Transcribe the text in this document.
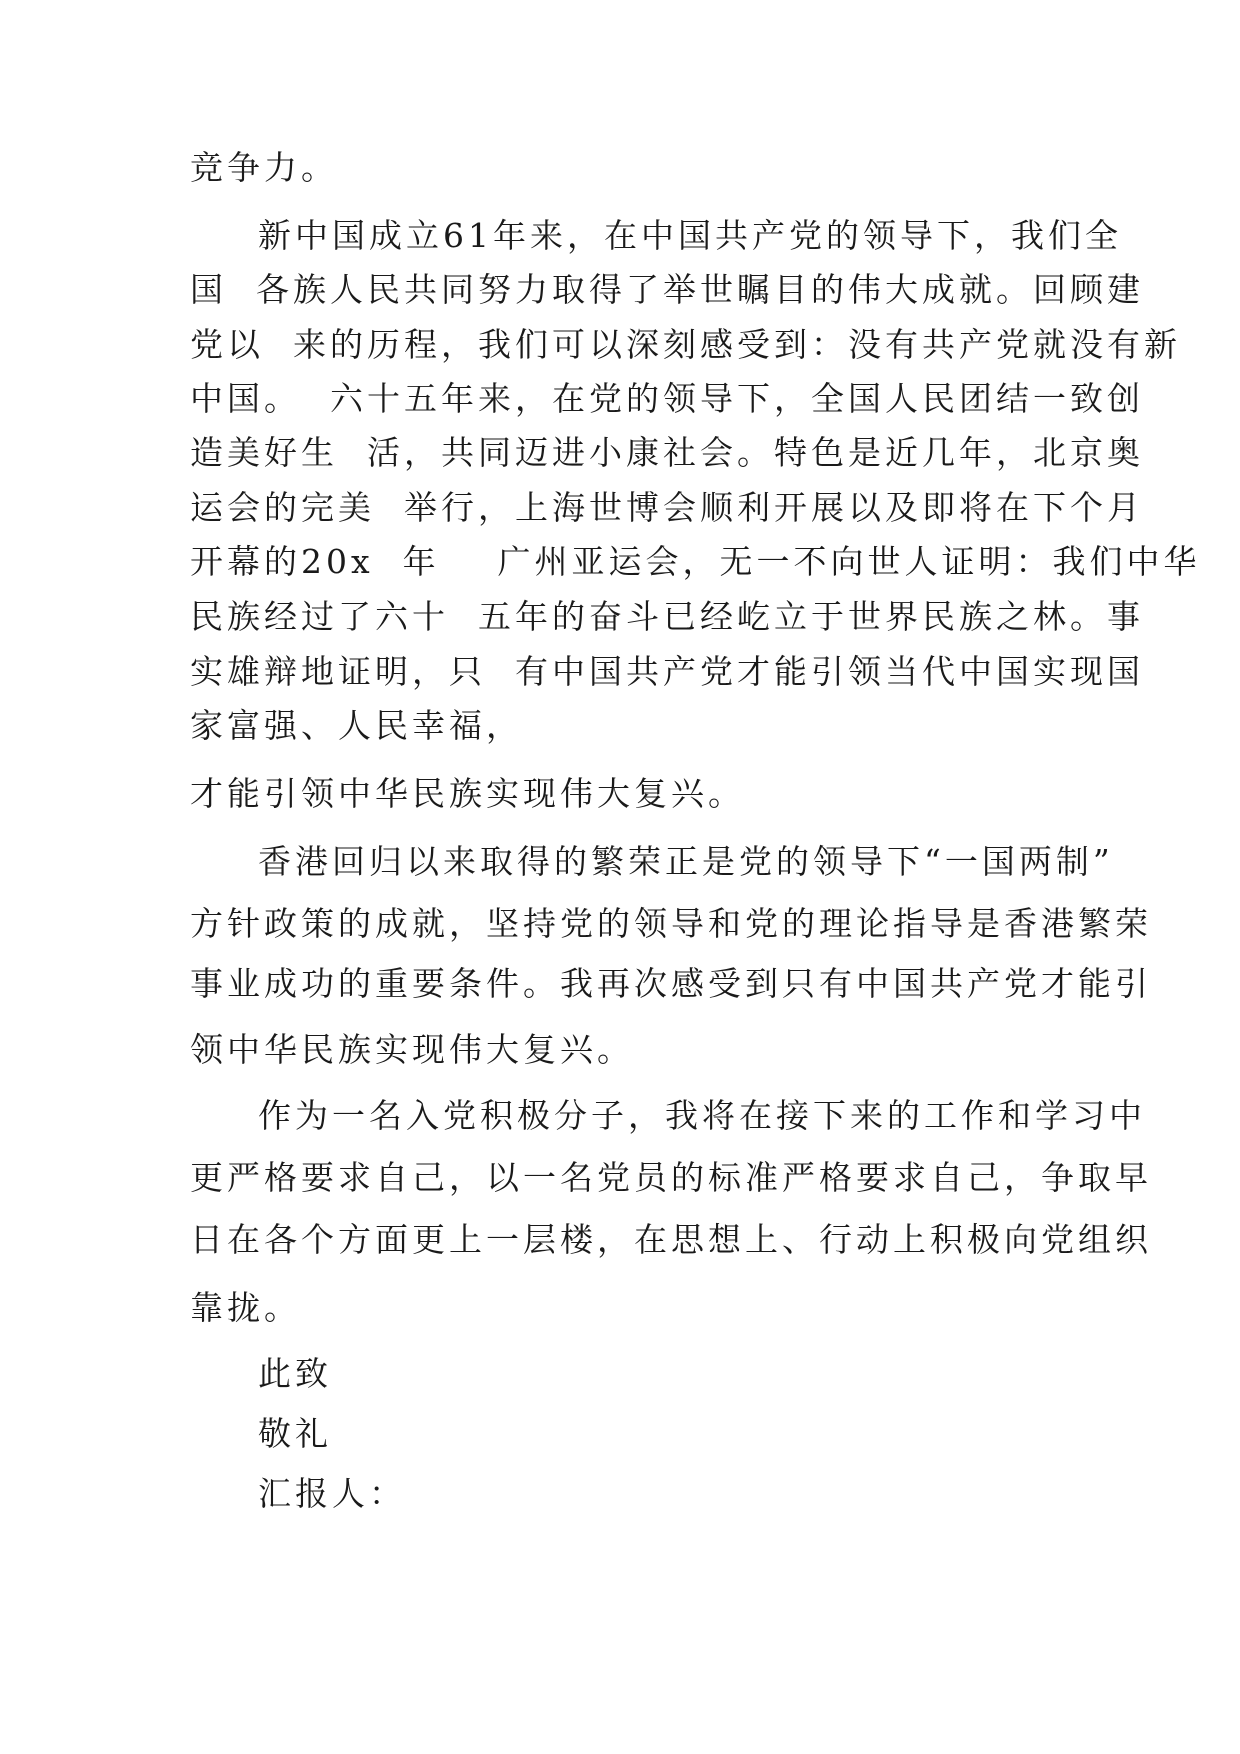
竞争力。
新中国成立61年来，在中国共产党的领导下，我们全
国  各族人民共同努力取得了举世瞩目的伟大成就。回顾建
党以  来的历程，我们可以深刻感受到：没有共产党就没有新
中国。  六十五年来，在党的领导下，全国人民团结一致创
造美好生  活，共同迈进小康社会。特色是近几年，北京奥
运会的完美  举行，上海世博会顺利开展以及即将在下个月
开幕的20x  年    广州亚运会，无一不向世人证明：我们中华
民族经过了六十  五年的奋斗已经屹立于世界民族之林。事
实雄辩地证明，只  有中国共产党才能引领当代中国实现国
家富强、人民幸福，
才能引领中华民族实现伟大复兴。
香港回归以来取得的繁荣正是党的领导下“一国两制”
方针政策的成就，坚持党的领导和党的理论指导是香港繁荣
事业成功的重要条件。我再次感受到只有中国共产党才能引
领中华民族实现伟大复兴。
作为一名入党积极分子，我将在接下来的工作和学习中
更严格要求自己，以一名党员的标准严格要求自己，争取早
日在各个方面更上一层楼，在思想上、行动上积极向党组织
靠拢。
此致
敬礼
汇报人：
